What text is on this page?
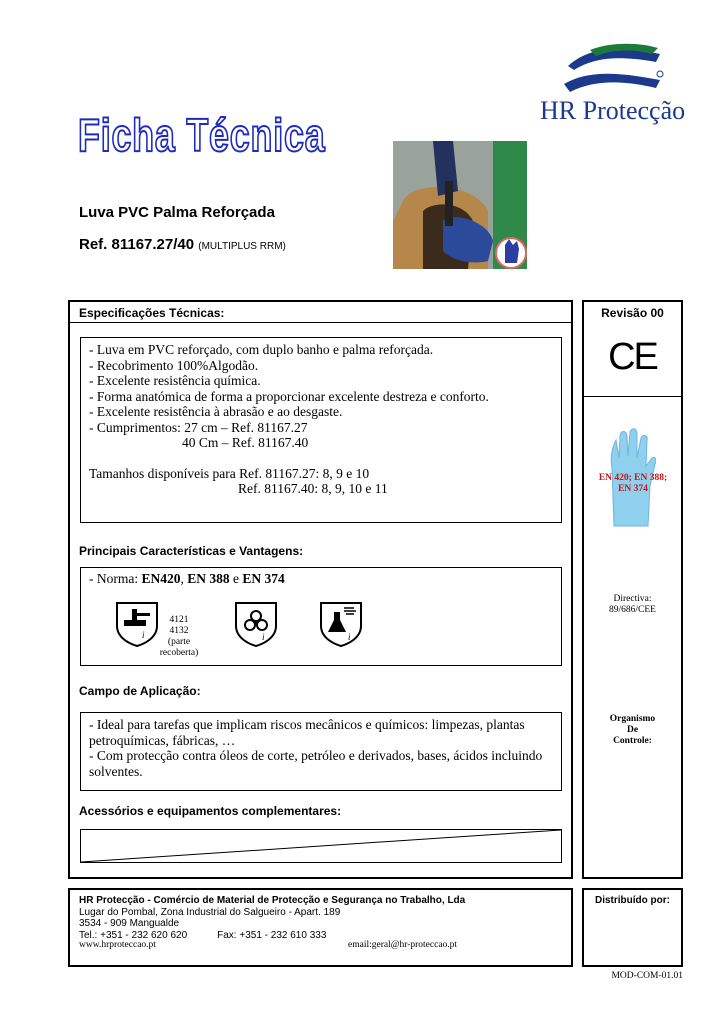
Ficha Técnica	HR Protecção
Luva PVC Palma Reforçada
Ref. 81167.27/40 (MULTIPLUS RRM)
Especificações Técnicas:
- Luva em PVC reforçado, com duplo banho e palma reforçada.
- Recobrimento 100%Algodão.
- Excelente resistência química.
- Forma anatómica de forma a proporcionar excelente destreza e conforto.
- Excelente resistência à abrasão e ao desgaste.
- Cumprimentos: 27 cm – Ref. 81167.27
40 Cm – Ref. 81167.40
Tamanhos disponíveis para Ref. 81167.27: 8, 9 e 10
Ref. 81167.40: 8, 9, 10 e 11
Principais Características e Vantagens:
- Norma: EN420, EN 388 e EN 374
i
4121
4132
(parte
recoberta)
i	i
Campo de Aplicação:
- Ideal para tarefas que implicam riscos mecânicos e químicos: limpezas, plantas
petroquímicas, fábricas, …
- Com protecção contra óleos de corte, petróleo e derivados, bases, ácidos incluindo
solventes.
Acessórios e equipamentos complementares:
Revisão 00
CE
EN 420; EN 388;
EN 374
Directiva:
89/686/CEE
Organismo
De
Controle:
HR Protecção - Comércio de Material de Protecção e Segurança no Trabalho, Lda
Lugar do Pombal, Zona Industrial do Salgueiro - Apart. 189
3534 - 909 Mangualde
Tel.: +351 - 232 620 620	Fax: +351 - 232 610 333
www.hrproteccao.pt	email:geral@hr-proteccao.pt
Distribuído por:
MOD-COM-01.01
